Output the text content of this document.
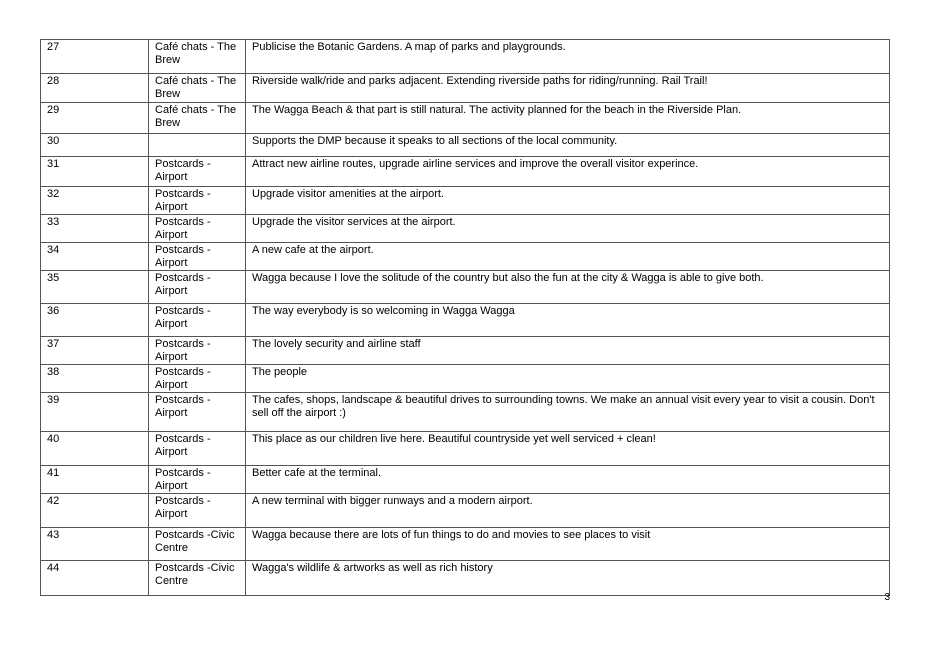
27	Café chats - The Brew	Publicise the Botanic Gardens. A map of parks and playgrounds.
28	Café chats - The Brew	Riverside walk/ride and parks adjacent. Extending riverside paths for riding/running. Rail Trail!
29	Café chats - The Brew	The Wagga Beach & that part is still natural. The activity planned for the beach in the Riverside Plan.
30		Supports the DMP because it speaks to all sections of the local community.
31	Postcards - Airport	Attract new airline routes, upgrade airline services and improve the overall visitor experince.
32	Postcards - Airport	Upgrade visitor amenities at the airport.
33	Postcards - Airport	Upgrade the visitor services at the airport.
34	Postcards - Airport	A new cafe at the airport.
35	Postcards - Airport	Wagga because I love the solitude of the country but also the fun at the city & Wagga is able to give both.
36	Postcards - Airport	The way everybody is so welcoming in Wagga Wagga
37	Postcards - Airport	The lovely security and airline staff
38	Postcards - Airport	The people
39	Postcards - Airport	The cafes, shops, landscape & beautiful drives to surrounding towns. We make an annual visit every year to visit a cousin. Don't sell off the airport :)
40	Postcards - Airport	This place as our children live here. Beautiful countryside yet well serviced + clean!
41	Postcards - Airport	Better cafe at the terminal.
42	Postcards - Airport	A new terminal with bigger runways and a modern airport.
43	Postcards -Civic Centre	Wagga because there are lots of fun things to do and movies to see places to visit
44	Postcards -Civic Centre	Wagga's wildlife & artworks as well as rich history
3
